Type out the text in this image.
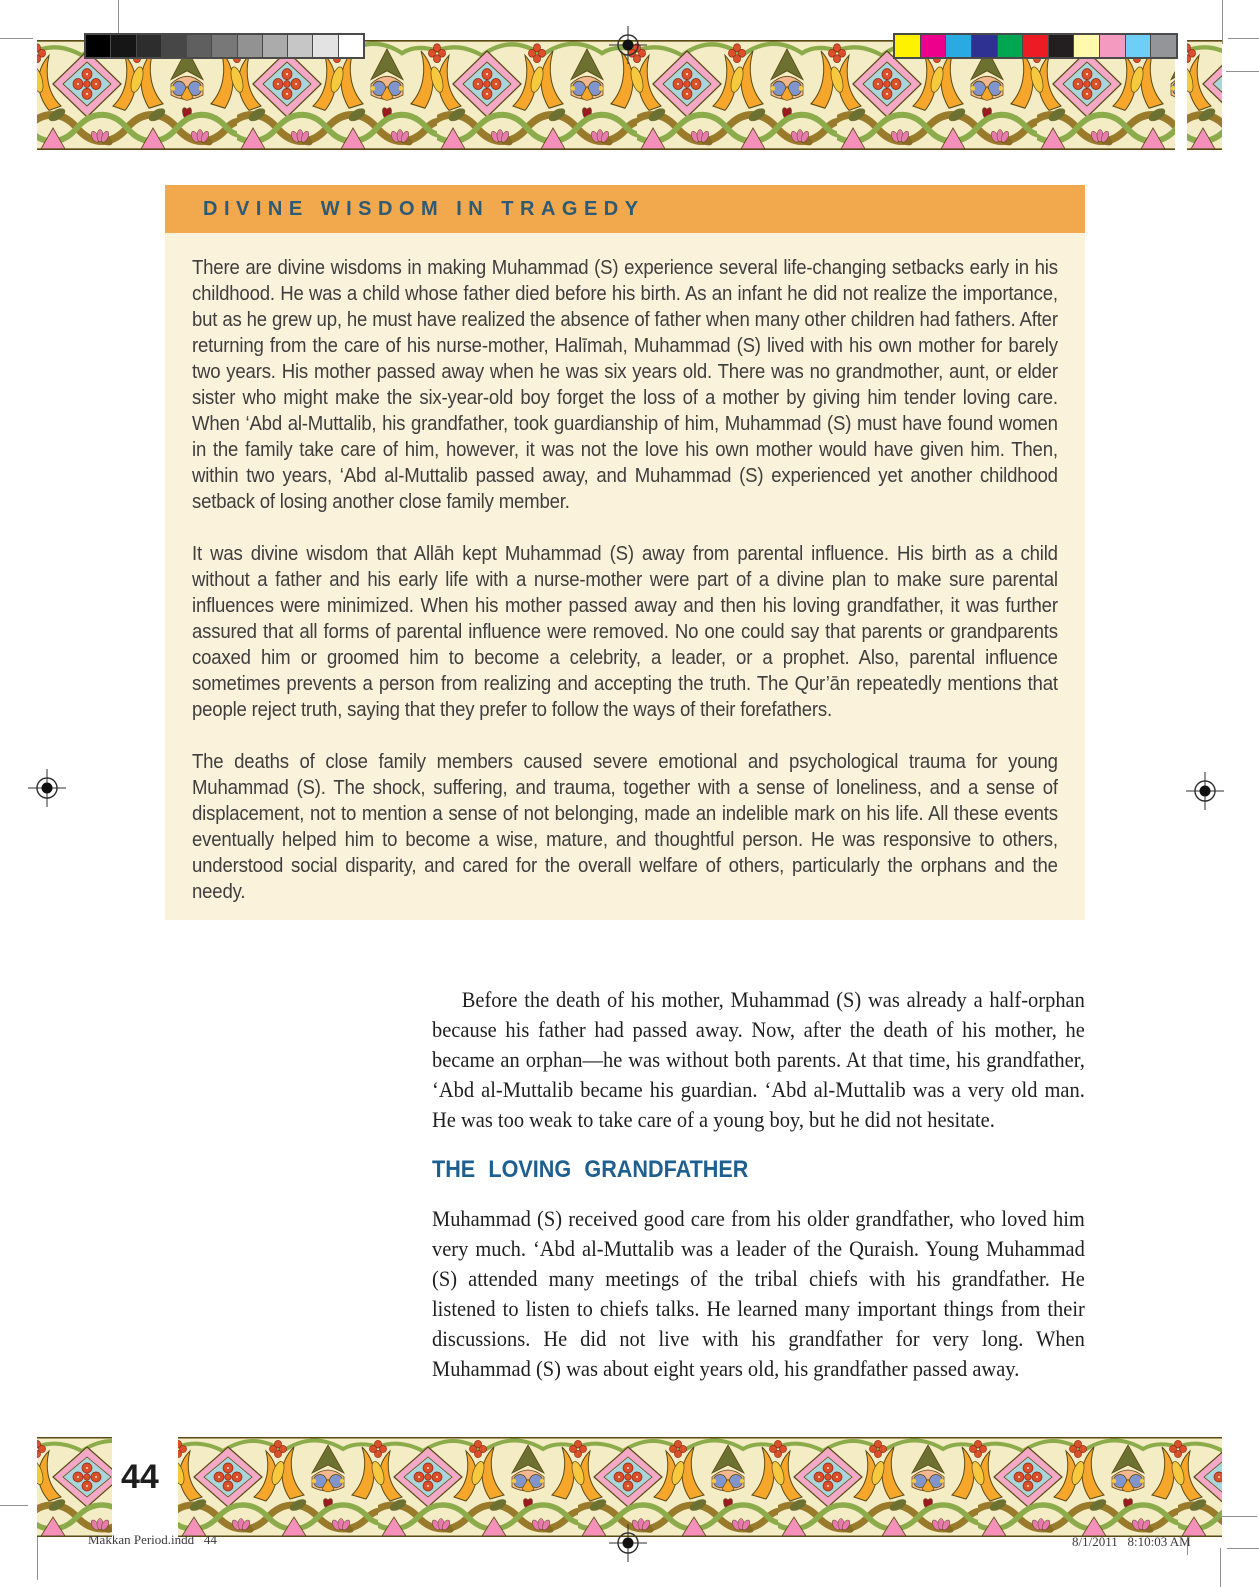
DIVINE WISDOM IN TRAGEDY

There are divine wisdoms in making Muhammad (S) experience several life-changing setbacks early in his childhood. He was a child whose father died before his birth. As an infant he did not realize the importance, but as he grew up, he must have realized the absence of father when many other children had fathers. After returning from the care of his nurse-mother, Halīmah, Muhammad (S) lived with his own mother for barely two years. His mother passed away when he was six years old. There was no grandmother, aunt, or elder sister who might make the six-year-old boy forget the loss of a mother by giving him tender loving care. When ‘Abd al-Muttalib, his grandfather, took guardianship of him, Muhammad (S) must have found women in the family take care of him, however, it was not the love his own mother would have given him. Then, within two years, ‘Abd al-Muttalib passed away, and Muhammad (S) experienced yet another childhood setback of losing another close family member.

It was divine wisdom that Allāh kept Muhammad (S) away from parental influence. His birth as a child without a father and his early life with a nurse-mother were part of a divine plan to make sure parental influences were minimized. When his mother passed away and then his loving grandfather, it was further assured that all forms of parental influence were removed. No one could say that parents or grandparents coaxed him or groomed him to become a celebrity, a leader, or a prophet. Also, parental influence sometimes prevents a person from realizing and accepting the truth. The Qur’ān repeatedly mentions that people reject truth, saying that they prefer to follow the ways of their forefathers.

The deaths of close family members caused severe emotional and psychological trauma for young Muhammad (S). The shock, suffering, and trauma, together with a sense of loneliness, and a sense of displacement, not to mention a sense of not belonging, made an indelible mark on his life. All these events eventually helped him to become a wise, mature, and thoughtful person. He was responsive to others, understood social disparity, and cared for the overall welfare of others, particularly the orphans and the needy.

Before the death of his mother, Muhammad (S) was already a half-orphan because his father had passed away. Now, after the death of his mother, he became an orphan—he was without both parents. At that time, his grandfather, ‘Abd al-Muttalib became his guardian. ‘Abd al-Muttalib was a very old man. He was too weak to take care of a young boy, but he did not hesitate.

THE LOVING GRANDFATHER

Muhammad (S) received good care from his older grandfather, who loved him very much. ‘Abd al-Muttalib was a leader of the Quraish. Young Muhammad (S) attended many meetings of the tribal chiefs with his grandfather. He listened to listen to chiefs talks. He learned many important things from their discussions. He did not live with his grandfather for very long. When Muhammad (S) was about eight years old, his grandfather passed away.

44
Makkan Period.indd   44	8/1/2011   8:10:03 AM
